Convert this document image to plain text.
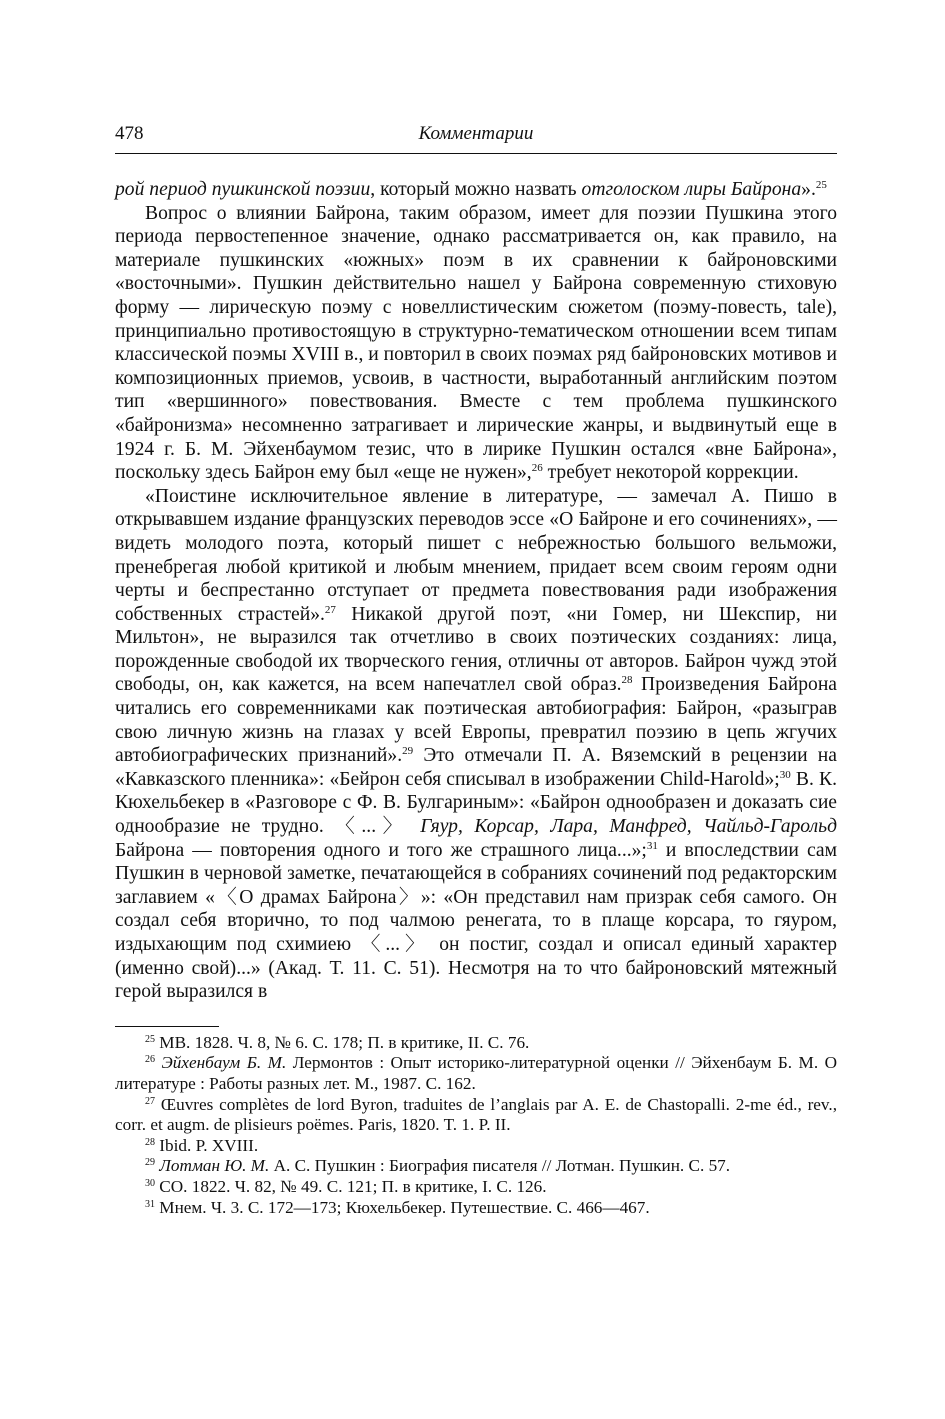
478	Комментарии

рой период пушкинской поэзии, который можно назвать отголоском лиры Байрона».$^{25}$

Вопрос о влиянии Байрона, таким образом, имеет для поэзии Пушкина этого периода первостепенное значение, однако рассматривается он, как правило, на материале пушкинских «южных» поэм в их сравнении к байроновскими «восточными». Пушкин действительно нашел у Байрона современную стиховую форму — лирическую поэму с новеллистическим сюжетом (поэму-повесть, tale), принципиально противостоящую в структурно-тематическом отношении всем типам классической поэмы XVIII в., и повторил в своих поэмах ряд байроновских мотивов и композиционных приемов, усвоив, в частности, выработанный английским поэтом тип «вершинного» повествования. Вместе с тем проблема пушкинского «байронизма» несомненно затрагивает и лирические жанры, и выдвинутый еще в 1924 г. Б. М. Эйхенбаумом тезис, что в лирике Пушкин остался «вне Байрона», поскольку здесь Байрон ему был «еще не нужен»,$^{26}$ требует некоторой коррекции.

«Поистине исключительное явление в литературе, — замечал А. Пишо в открывавшем издание французских переводов эссе «О Байроне и его сочинениях», — видеть молодого поэта, который пишет с небрежностью большого вельможи, пренебрегая любой критикой и любым мнением, придает всем своим героям одни черты и беспрестанно отступает от предмета повествования ради изображения собственных страстей».$^{27}$ Никакой другой поэт, «ни Гомер, ни Шекспир, ни Мильтон», не выразился так отчетливо в своих поэтических созданиях: лица, порожденные свободой их творческого гения, отличны от авторов. Байрон чужд этой свободы, он, как кажется, на всем напечатлел свой образ.$^{28}$ Произведения Байрона читались его современниками как поэтическая автобиография: Байрон, «разыграв свою личную жизнь на глазах у всей Европы, превратил поэзию в цепь жгучих автобиографических признаний».$^{29}$ Это отмечали П. А. Вяземский в рецензии на «Кавказского пленника»: «Бейрон себя списывал в изображении Child-Harold»;$^{30}$ В. К. Кюхельбекер в «Разговоре с Ф. В. Булгариным»: «Байрон однообразен и доказать сие однообразие не трудно. 〈...〉 Гяур, Корсар, Лара, Манфред, Чайльд-Гарольд Байрона — повторения одного и того же страшного лица...»;$^{31}$ и впоследствии сам Пушкин в черновой заметке, печатающейся в собраниях сочинений под редакторским заглавием «〈О драмах Байрона〉»: «Он представил нам призрак себя самого. Он создал себя вторично, то под чалмою ренегата, то в плаще корсара, то гяуром, издыхающим под схимиею 〈...〉 он постиг, создал и описал единый характер (именно свой)...» (Акад. Т. 11. С. 51). Несмотря на то что байроновский мятежный герой выразился в

$^{25}$ МВ. 1828. Ч. 8, № 6. С. 178; П. в критике, II. С. 76.

$^{26}$ Эйхенбаум Б. М. Лермонтов : Опыт историко-литературной оценки // Эйхенбаум Б. М. О литературе : Работы разных лет. М., 1987. С. 162.

$^{27}$ Œuvres complètes de lord Byron, traduites de l’anglais par A. E. de Chastopalli. 2-me éd., rev., corr. et augm. de plisieurs poëmes. Paris, 1820. T. 1. P. II.

$^{28}$ Ibid. P. XVIII.

$^{29}$ Лотман Ю. М. А. С. Пушкин : Биография писателя // Лотман. Пушкин. С. 57.

$^{30}$ СО. 1822. Ч. 82, № 49. С. 121; П. в критике, I. С. 126.

$^{31}$ Мнем. Ч. 3. С. 172—173; Кюхельбекер. Путешествие. С. 466—467.
